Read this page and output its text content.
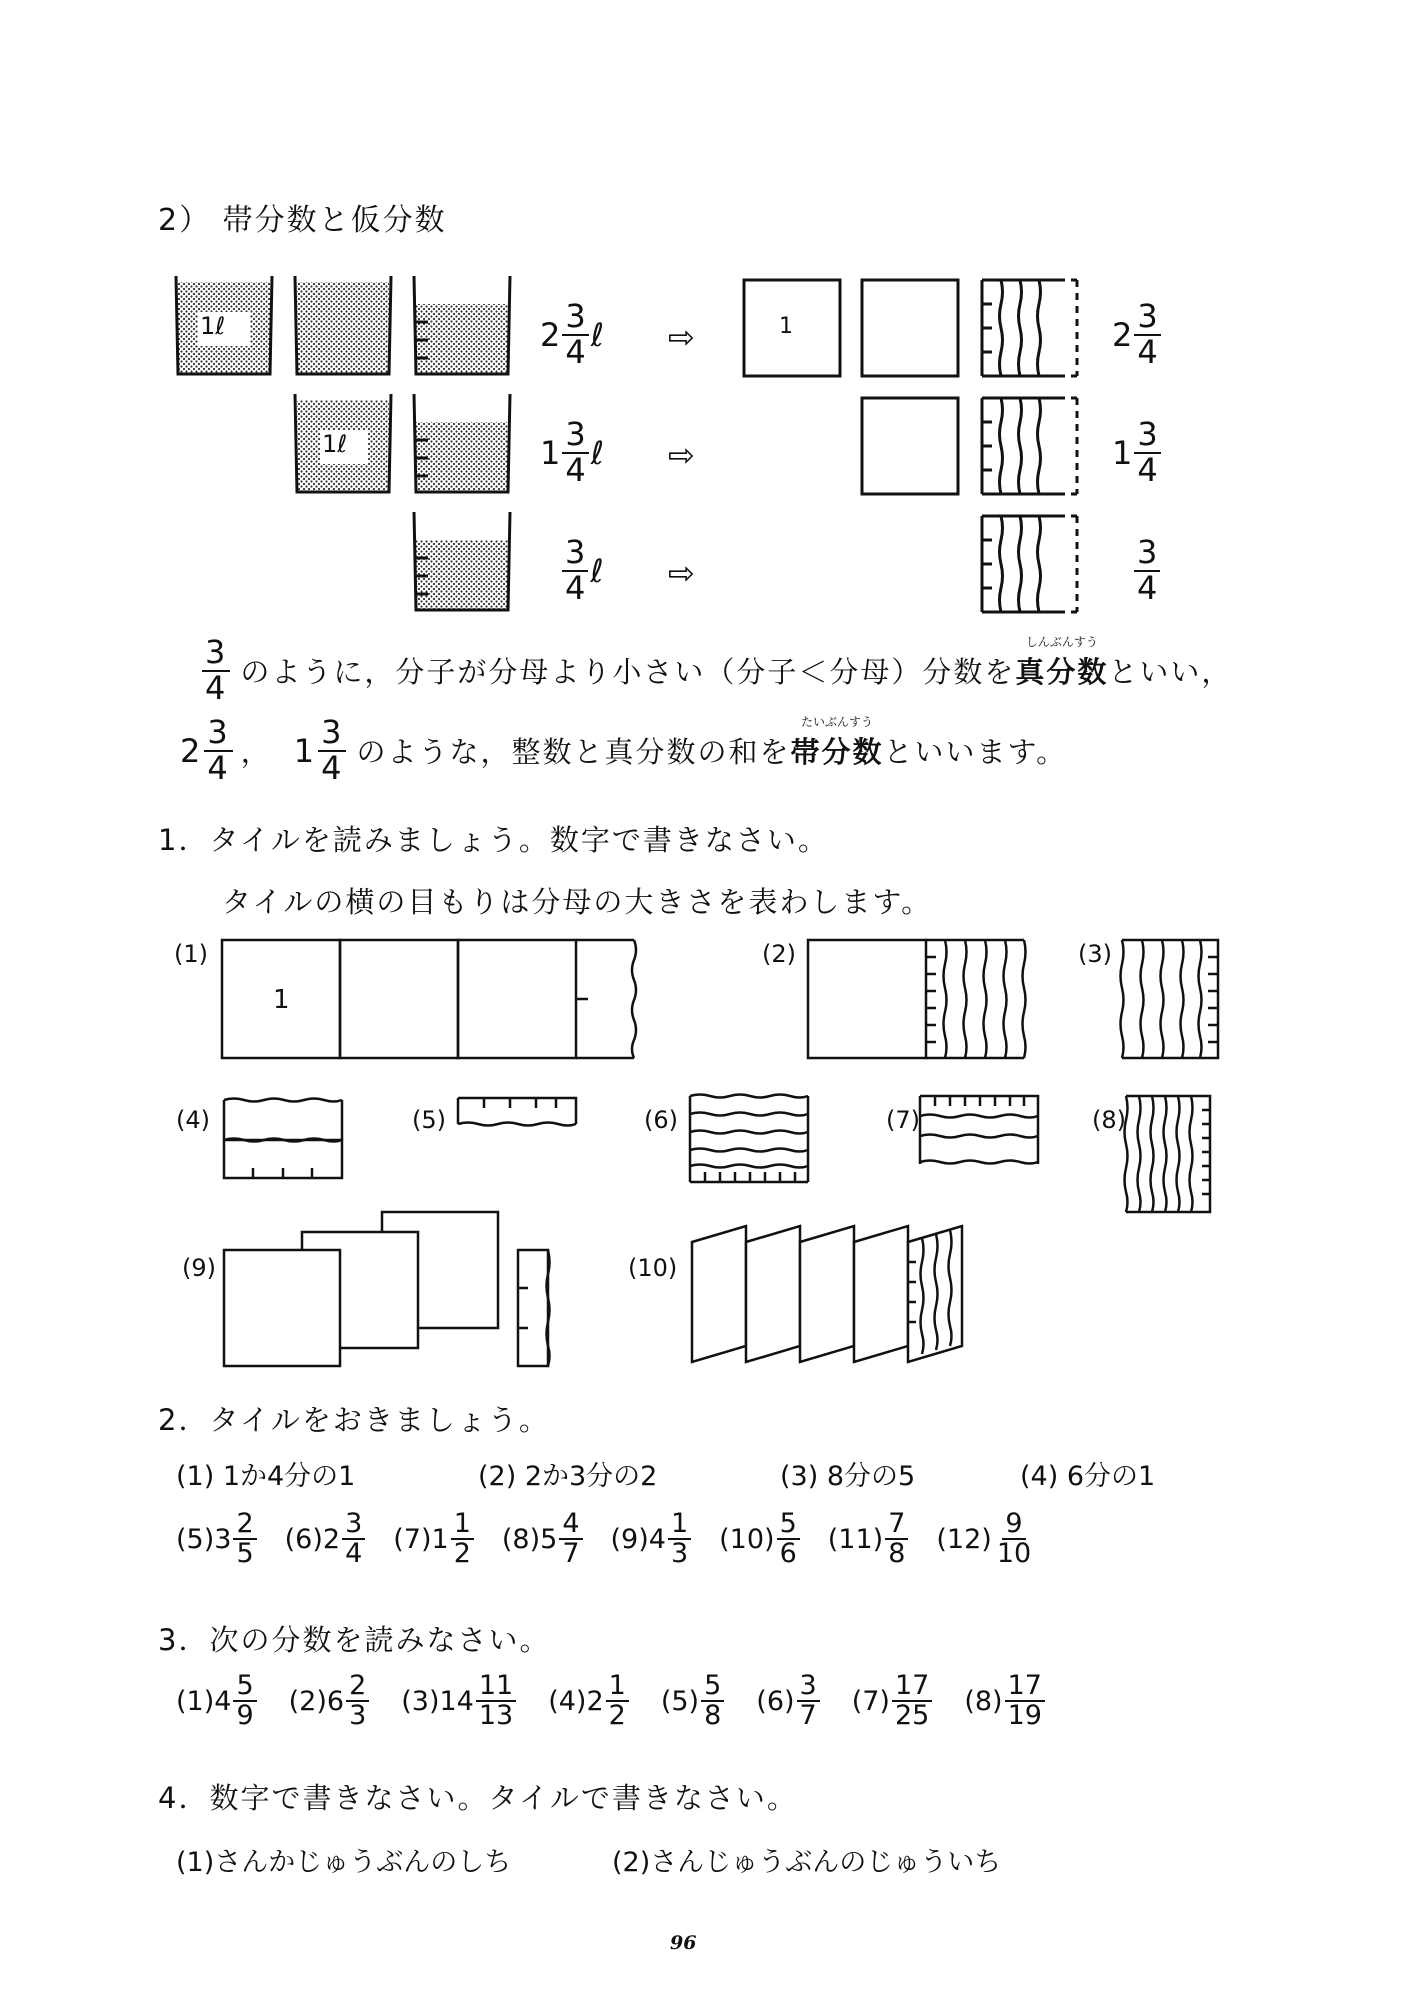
2） 帯分数と仮分数
1ℓ
1ℓ
1
$2 \frac{3}{4}$ ℓ ⇨
$1 \frac{3}{4}$ ℓ ⇨
$\frac{3}{4}$ ℓ ⇨
$2 \frac{3}{4}$
$1 \frac{3}{4}$
$\frac{3}{4}$
$\frac{3}{4}$ のように，分子が分母より小さい（分子＜分母）分数を
しんぶんすう
真分数 といい，
$2 \frac{3}{4}$ ， $1 \frac{3}{4}$ のような，整数と真分数の和を
たいぶんすう
帯分数 といいます。
1．タイルを読みましょう。数字で書きなさい。
タイルの横の目もりは分母の大きさを表わします。
(1)	(2)	(3)
(4)	(5)	(6)	(7)	(8)
(9)	(10)
1
2．タイルをおきましょう。
(1) 1か4分の1	(2) 2か3分の2	(3) 8分の5	(4) 6分の1
(5) $3 \frac{2}{5} (6)$ $2 \frac{3}{4} (7)$ $1 \frac{1}{2} (8)$ $5 \frac{4}{7} (9)$ $4 \frac{1}{3} (10) \frac{5}{6} (11) \frac{7}{8} (12) \frac{9}{10}$
3．次の分数を読みなさい。
(1) $4 \frac{5}{9} (2)$ $6 \frac{2}{3} (3)$ $14 \frac{11}{13} (4)$ $2 \frac{1}{2} (5) \frac{5}{8} (6) \frac{3}{7} (7) \frac{17}{25} (8) \frac{17}{19}$
4．数字で書きなさい。タイルで書きなさい。
(1)さんかじゅうぶんのしち	(2)さんじゅうぶんのじゅういち
96
